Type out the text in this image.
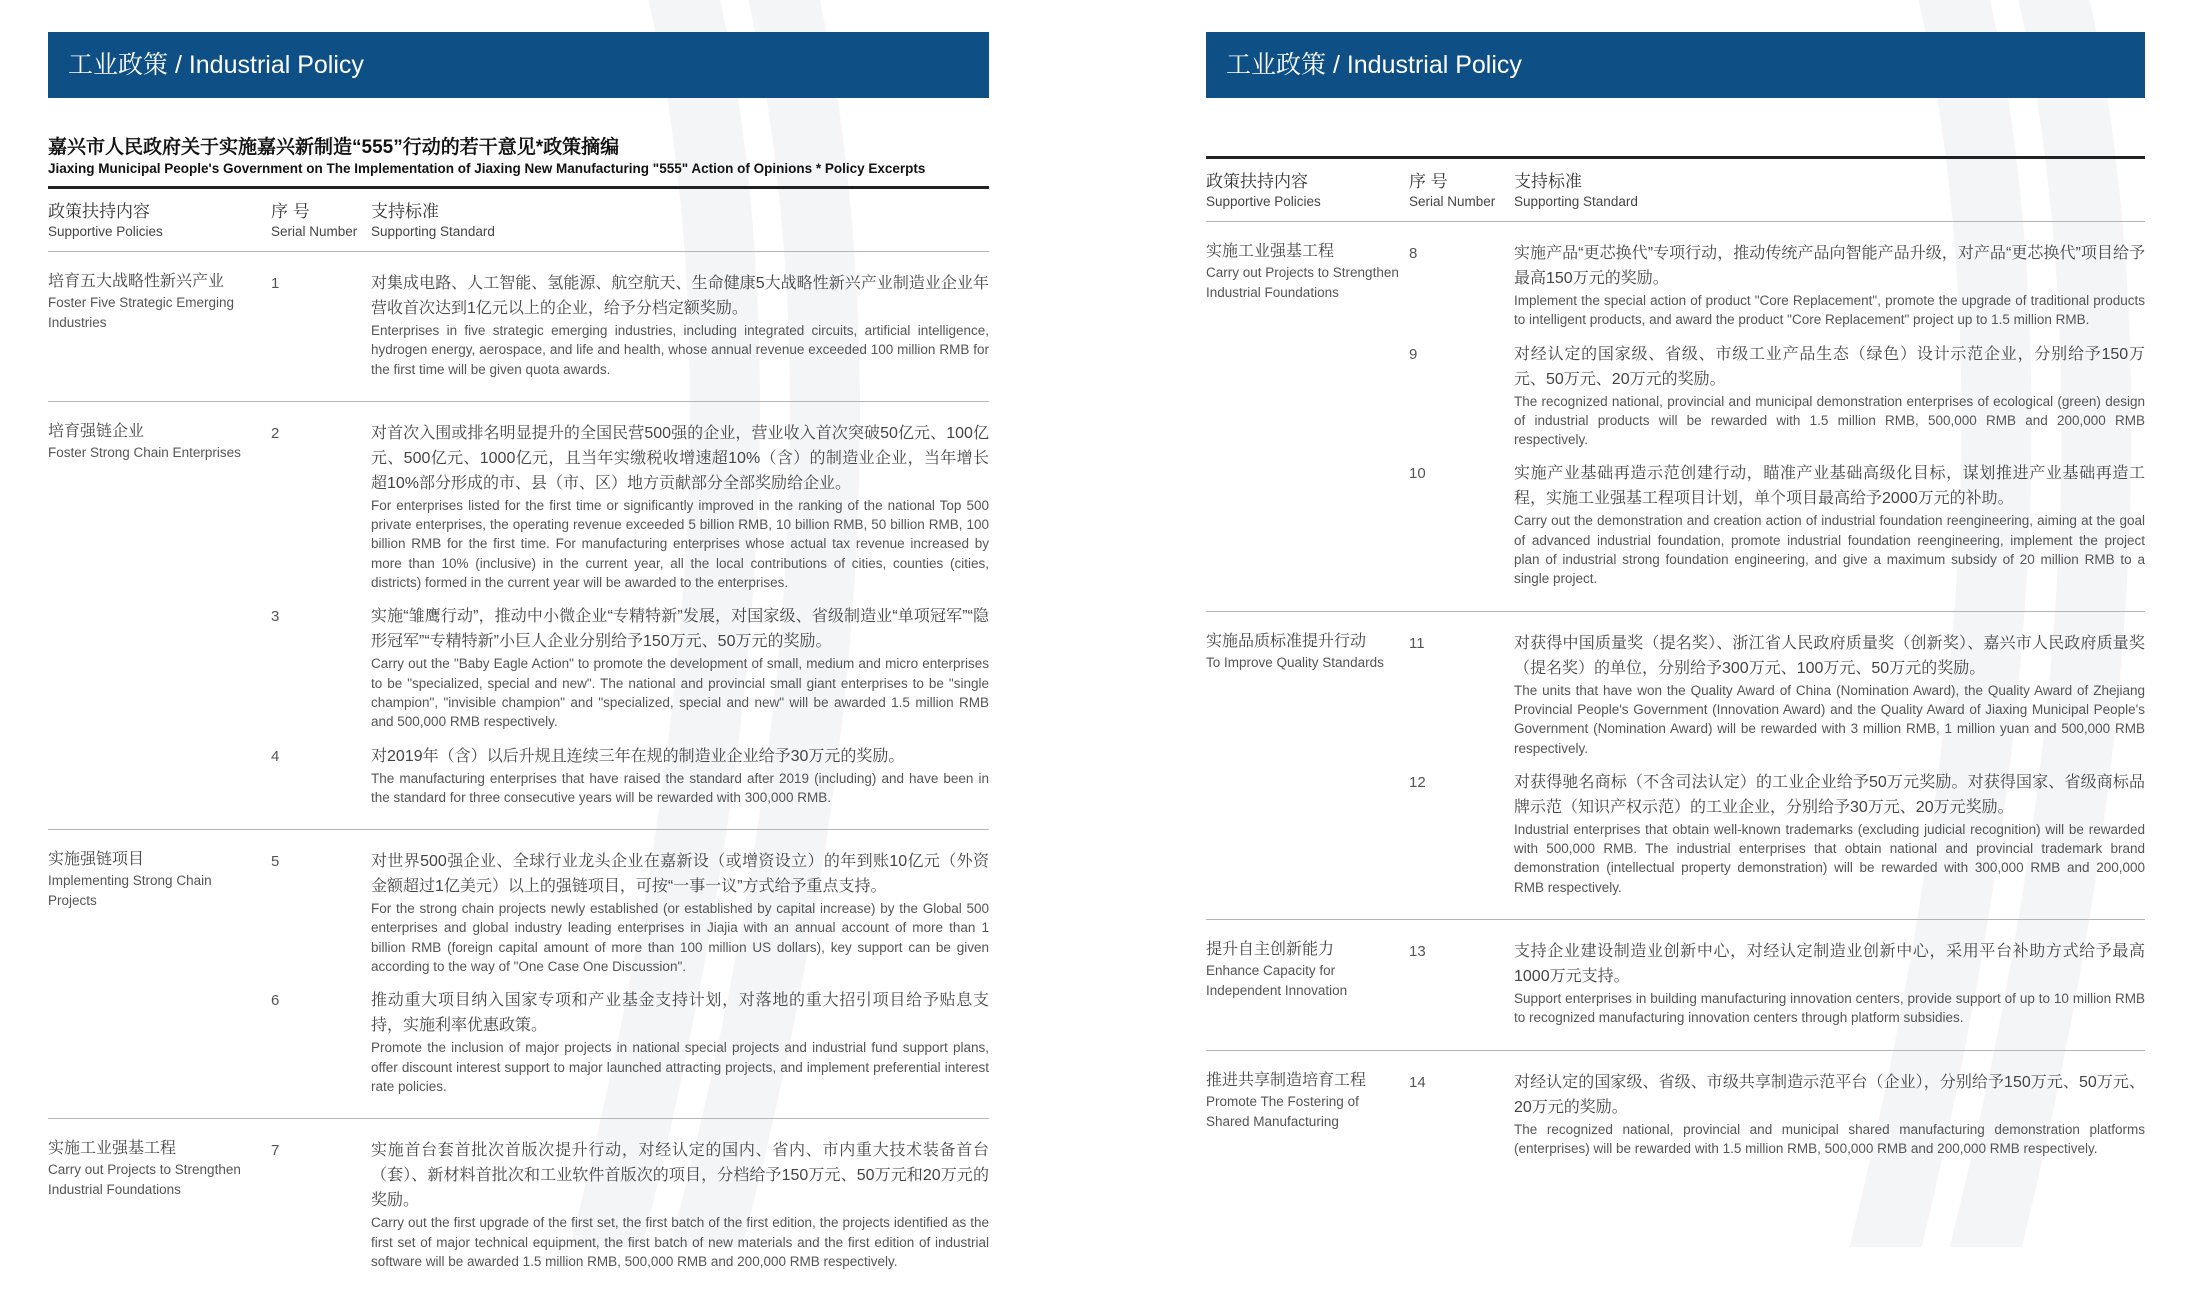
工业政策 / Industrial Policy
嘉兴市人民政府关于实施嘉兴新制造“555”行动的若干意见*政策摘编
Jiaxing Municipal People's Government on The Implementation of Jiaxing New Manufacturing "555" Action of Opinions * Policy Excerpts
政策扶持内容
Supportive Policies
序 号
Serial Number
支持标准
Supporting Standard
培育五大战略性新兴产业
Foster Five Strategic Emerging Industries
1	对集成电路、人工智能、氢能源、航空航天、生命健康5大战略性新兴产业制造业企业年营收首次达到1亿元以上的企业，给予分档定额奖励。
Enterprises in five strategic emerging industries, including integrated circuits, artificial intelligence, hydrogen energy, aerospace, and life and health, whose annual revenue exceeded 100 million RMB for the first time will be given quota awards.
培育强链企业
Foster Strong Chain Enterprises
2	对首次入围或排名明显提升的全国民营500强的企业，营业收入首次突破50亿元、100亿元、500亿元、1000亿元，且当年实缴税收增速超10%（含）的制造业企业，当年增长超10%部分形成的市、县（市、区）地方贡献部分全部奖励给企业。
For enterprises listed for the first time or significantly improved in the ranking of the national Top 500 private enterprises, the operating revenue exceeded 5 billion RMB, 10 billion RMB, 50 billion RMB, 100 billion RMB for the first time. For manufacturing enterprises whose actual tax revenue increased by more than 10% (inclusive) in the current year, all the local contributions of cities, counties (cities, districts) formed in the current year will be awarded to the enterprises.
3	实施“雏鹰行动”，推动中小微企业“专精特新”发展，对国家级、省级制造业“单项冠军”“隐形冠军”“专精特新”小巨人企业分别给予150万元、50万元的奖励。
Carry out the "Baby Eagle Action" to promote the development of small, medium and micro enterprises to be "specialized, special and new". The national and provincial small giant enterprises to be "single champion", "invisible champion" and "specialized, special and new" will be awarded 1.5 million RMB and 500,000 RMB respectively.
4	对2019年（含）以后升规且连续三年在规的制造业企业给予30万元的奖励。
The manufacturing enterprises that have raised the standard after 2019 (including) and have been in the standard for three consecutive years will be rewarded with 300,000 RMB.
实施强链项目
Implementing Strong Chain Projects
5	对世界500强企业、全球行业龙头企业在嘉新设（或增资设立）的年到账10亿元（外资金额超过1亿美元）以上的强链项目，可按“一事一议”方式给予重点支持。
For the strong chain projects newly established (or established by capital increase) by the Global 500 enterprises and global industry leading enterprises in Jiajia with an annual account of more than 1 billion RMB (foreign capital amount of more than 100 million US dollars), key support can be given according to the way of "One Case One Discussion".
6	推动重大项目纳入国家专项和产业基金支持计划，对落地的重大招引项目给予贴息支持，实施利率优惠政策。
Promote the inclusion of major projects in national special projects and industrial fund support plans, offer discount interest support to major launched attracting projects, and implement preferential interest rate policies.
实施工业强基工程
Carry out Projects to Strengthen Industrial Foundations
7	实施首台套首批次首版次提升行动，对经认定的国内、省内、市内重大技术装备首台（套）、新材料首批次和工业软件首版次的项目，分档给予150万元、50万元和20万元的奖励。
Carry out the first upgrade of the first set, the first batch of the first edition, the projects identified as the first set of major technical equipment, the first batch of new materials and the first edition of industrial software will be awarded 1.5 million RMB, 500,000 RMB and 200,000 RMB respectively.
工业政策 / Industrial Policy
政策扶持内容
Supportive Policies
序 号
Serial Number
支持标准
Supporting Standard
实施工业强基工程
Carry out Projects to Strengthen Industrial Foundations
8	实施产品“更芯换代”专项行动，推动传统产品向智能产品升级，对产品“更芯换代”项目给予最高150万元的奖励。
Implement the special action of product "Core Replacement", promote the upgrade of traditional products to intelligent products, and award the product "Core Replacement" project up to 1.5 million RMB.
9	对经认定的国家级、省级、市级工业产品生态（绿色）设计示范企业，分别给予150万元、50万元、20万元的奖励。
The recognized national, provincial and municipal demonstration enterprises of ecological (green) design of industrial products will be rewarded with 1.5 million RMB, 500,000 RMB and 200,000 RMB respectively.
10	实施产业基础再造示范创建行动，瞄准产业基础高级化目标，谋划推进产业基础再造工程，实施工业强基工程项目计划，单个项目最高给予2000万元的补助。
Carry out the demonstration and creation action of industrial foundation reengineering, aiming at the goal of advanced industrial foundation, promote industrial foundation reengineering, implement the project plan of industrial strong foundation engineering, and give a maximum subsidy of 20 million RMB to a single project.
实施品质标准提升行动
To Improve Quality Standards
11	对获得中国质量奖（提名奖）、浙江省人民政府质量奖（创新奖）、嘉兴市人民政府质量奖（提名奖）的单位，分别给予300万元、100万元、50万元的奖励。
The units that have won the Quality Award of China (Nomination Award), the Quality Award of Zhejiang Provincial People's Government (Innovation Award) and the Quality Award of Jiaxing Municipal People's Government (Nomination Award) will be rewarded with 3 million RMB, 1 million yuan and 500,000 RMB respectively.
12	对获得驰名商标（不含司法认定）的工业企业给予50万元奖励。对获得国家、省级商标品牌示范（知识产权示范）的工业企业，分别给予30万元、20万元奖励。
Industrial enterprises that obtain well-known trademarks (excluding judicial recognition) will be rewarded with 500,000 RMB. The industrial enterprises that obtain national and provincial trademark brand demonstration (intellectual property demonstration) will be rewarded with 300,000 RMB and 200,000 RMB respectively.
提升自主创新能力
Enhance Capacity for Independent Innovation
13	支持企业建设制造业创新中心，对经认定制造业创新中心，采用平台补助方式给予最高1000万元支持。
Support enterprises in building manufacturing innovation centers, provide support of up to 10 million RMB to recognized manufacturing innovation centers through platform subsidies.
推进共享制造培育工程
Promote The Fostering of Shared Manufacturing
14	对经认定的国家级、省级、市级共享制造示范平台（企业），分别给予150万元、50万元、20万元的奖励。
The recognized national, provincial and municipal shared manufacturing demonstration platforms (enterprises) will be rewarded with 1.5 million RMB, 500,000 RMB and 200,000 RMB respectively.
